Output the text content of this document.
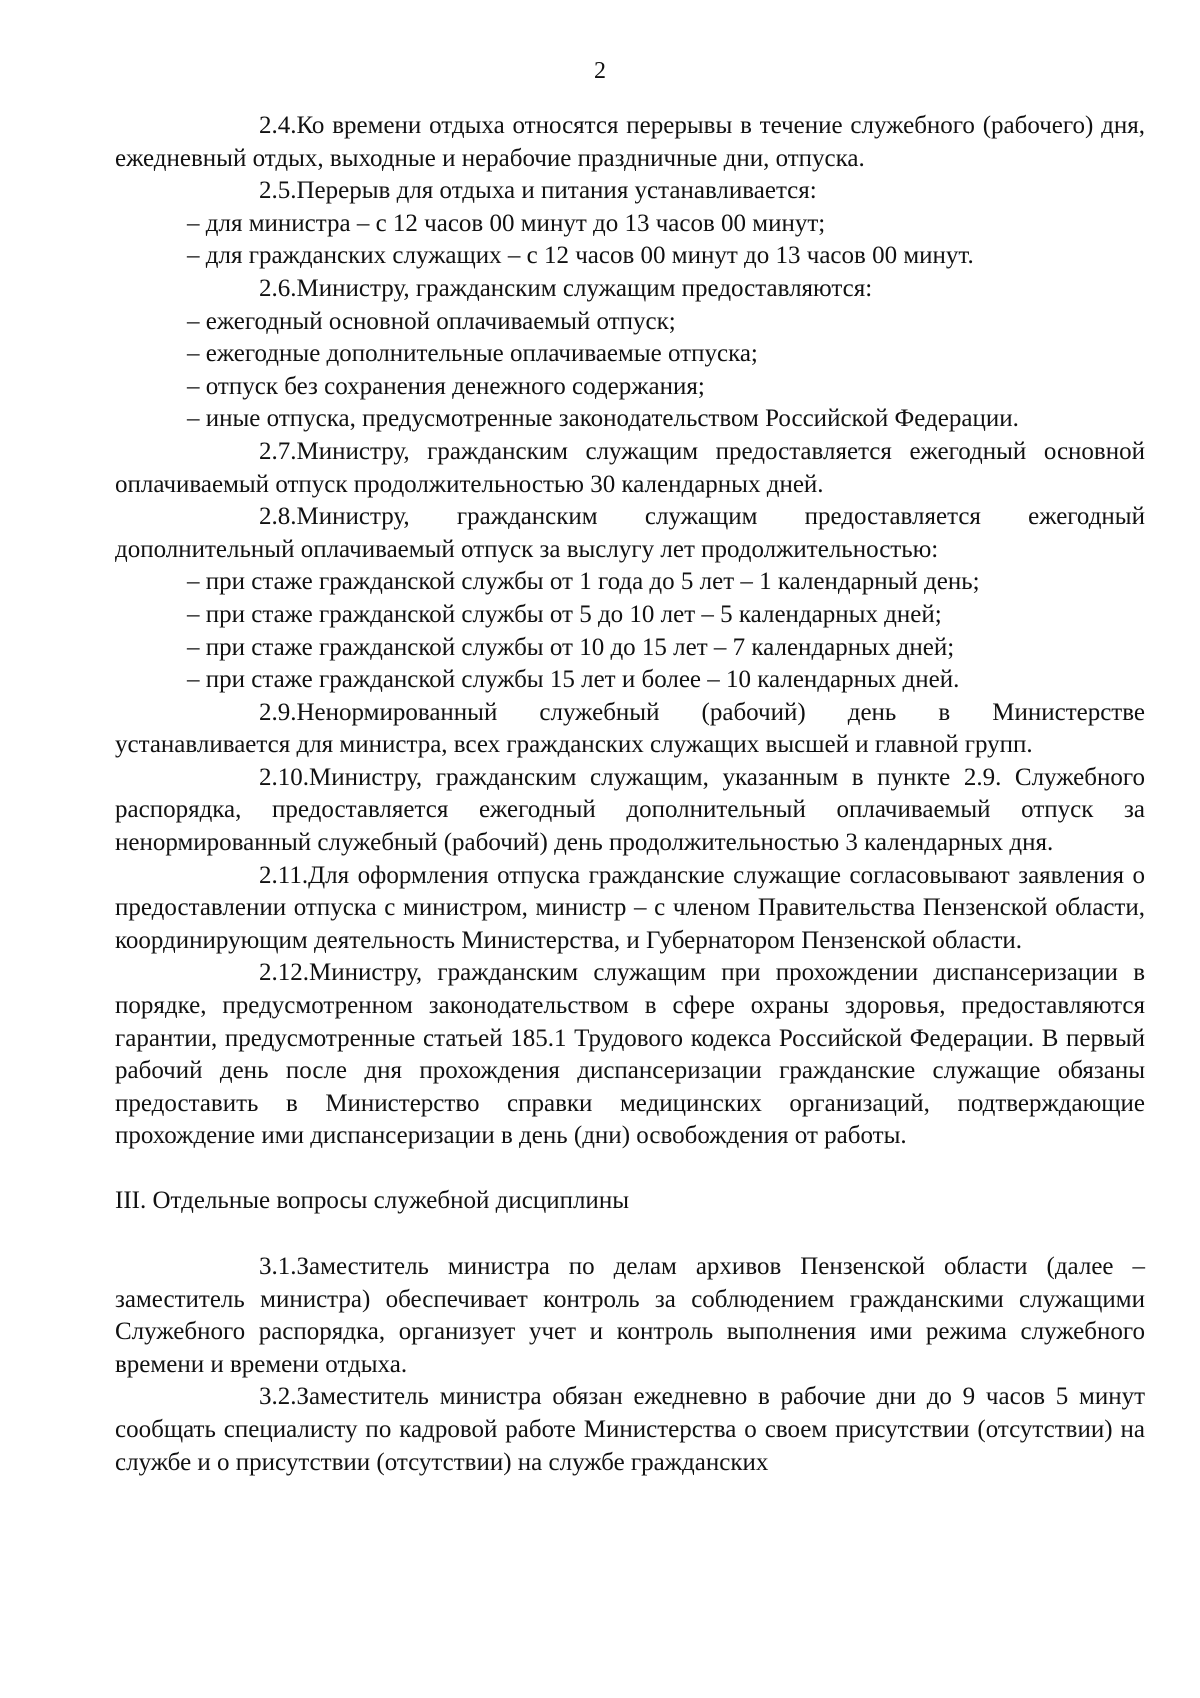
2

2.4.Ко времени отдыха относятся перерывы в течение служебного (рабочего) дня, ежедневный отдых, выходные и нерабочие праздничные дни, отпуска.

2.5.Перерыв для отдыха и питания устанавливается:

– для министра – с 12 часов 00 минут до 13 часов 00 минут;

– для гражданских служащих – с 12 часов 00 минут до 13 часов 00 минут.

2.6.Министру, гражданским служащим предоставляются:

– ежегодный основной оплачиваемый отпуск;

– ежегодные дополнительные оплачиваемые отпуска;

– отпуск без сохранения денежного содержания;

– иные отпуска, предусмотренные законодательством Российской Федерации.

2.7.Министру, гражданским служащим предоставляется ежегодный основной оплачиваемый отпуск продолжительностью 30 календарных дней.

2.8.Министру, гражданским служащим предоставляется ежегодный дополнительный оплачиваемый отпуск за выслугу лет продолжительностью:

– при стаже гражданской службы от 1 года до 5 лет – 1 календарный день;

– при стаже гражданской службы от 5 до 10 лет – 5 календарных дней;

– при стаже гражданской службы от 10 до 15 лет – 7 календарных дней;

– при стаже гражданской службы 15 лет и более – 10 календарных дней.

2.9.Ненормированный служебный (рабочий) день в Министерстве устанавливается для министра, всех гражданских служащих высшей и главной групп.

2.10.Министру, гражданским служащим, указанным в пункте 2.9. Служебного распорядка, предоставляется ежегодный дополнительный оплачиваемый отпуск за ненормированный служебный (рабочий) день продолжительностью 3 календарных дня.

2.11.Для оформления отпуска гражданские служащие согласовывают заявления о предоставлении отпуска с министром, министр – с членом Правительства Пензенской области, координирующим деятельность Министерства, и Губернатором Пензенской области.

2.12.Министру, гражданским служащим при прохождении диспансеризации в порядке, предусмотренном законодательством в сфере охраны здоровья, предоставляются гарантии, предусмотренные статьей 185.1 Трудового кодекса Российской Федерации. В первый рабочий день после дня прохождения диспансеризации гражданские служащие обязаны предоставить в Министерство справки медицинских организаций, подтверждающие прохождение ими диспансеризации в день (дни) освобождения от работы.

III. Отдельные вопросы служебной дисциплины

3.1.Заместитель министра по делам архивов Пензенской области (далее – заместитель министра) обеспечивает контроль за соблюдением гражданскими служащими Служебного распорядка, организует учет и контроль выполнения ими режима служебного времени и времени отдыха.

3.2.Заместитель министра обязан ежедневно в рабочие дни до 9 часов 5 минут сообщать специалисту по кадровой работе Министерства о своем присутствии (отсутствии) на службе и о присутствии (отсутствии) на службе гражданских
